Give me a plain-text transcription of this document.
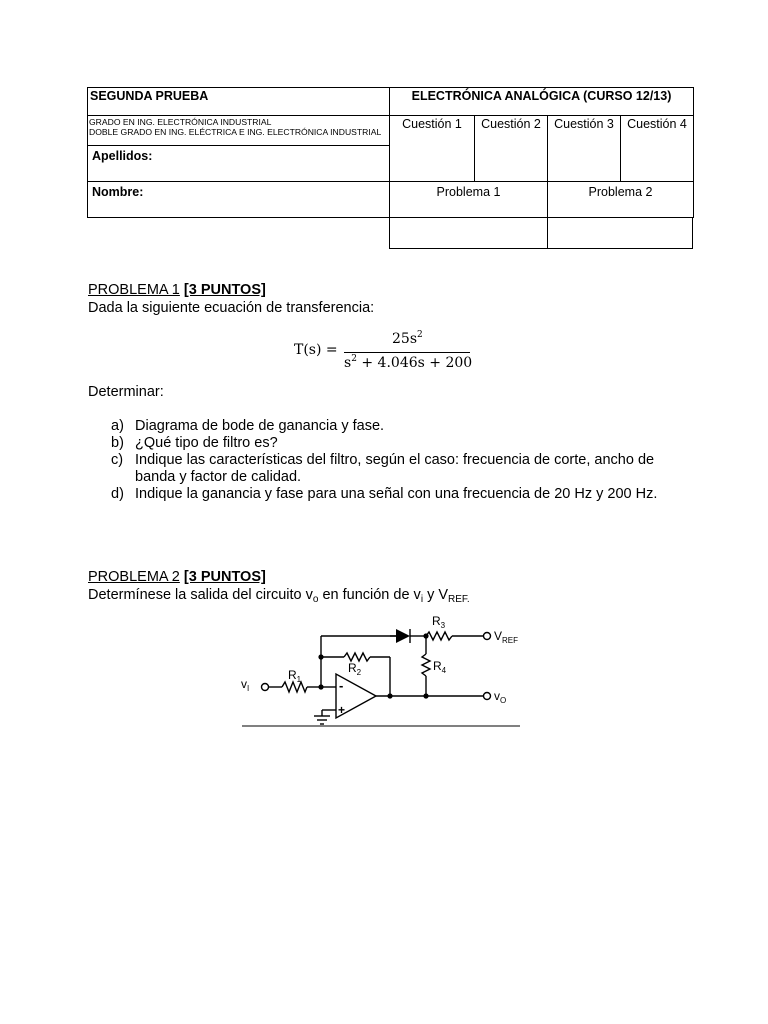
SEGUNDA PRUEBA	ELECTRÓNICA ANALÓGICA (CURSO 12/13)			

GRADO EN ING. ELECTRÓNICA INDUSTRIAL
DOBLE GRADO EN ING. ELÉCTRICA E ING. ELECTRÓNICA INDUSTRIAL
Apellidos:	Cuestión 1	Cuestión 2	Cuestión 3	Cuestión 4

Nombre:	Problema 1		Problema 2	
PROBLEMA 1 [3 PUNTOS]
Dada la siguiente ecuación de transferencia:
T(s) =
$25s^2$
$s^2 + 4.046s + 200$
Determinar:
a) Diagrama de bode de ganancia y fase.
b) ¿Qué tipo de filtro es?
c) Indique las características del filtro, según el caso: frecuencia de corte, ancho de banda y factor de calidad.
d) Indique la ganancia y fase para una señal con una frecuencia de 20 Hz y 200 Hz.
PROBLEMA 2 [3 PUNTOS]
Determínese la salida del circuito $v_o$ en función de $v_i$ y $V_{REF.}$
$v_I$
$R_1$
$R_2$
$R_3$
$R_4$
$V_{REF}$
$v_O$
-
+
